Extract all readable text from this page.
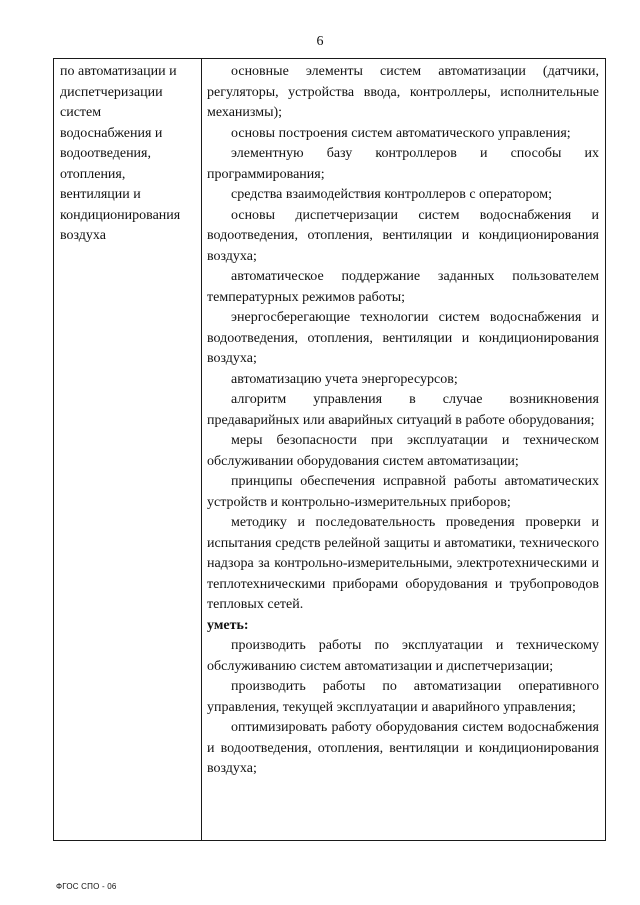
6
по автоматизации и
диспетчеризации
систем
водоснабжения и
водоотведения,
отопления,
вентиляции и
кондиционирования
воздуха

основные элементы систем автоматизации (датчики, регуляторы, устройства ввода, контроллеры, исполнительные механизмы);

основы построения систем автоматического управления;

элементную базу контроллеров и способы их программирования;

средства взаимодействия контроллеров с оператором;

основы диспетчеризации систем водоснабжения и водоотведения, отопления, вентиляции и кондиционирования воздуха;

автоматическое поддержание заданных пользователем температурных режимов работы;

энергосберегающие технологии систем водоснабжения и водоотведения, отопления, вентиляции и кондиционирования воздуха;

автоматизацию учета энергоресурсов;

алгоритм управления в случае возникновения предаварийных или аварийных ситуаций в работе оборудования;

меры безопасности при эксплуатации и техническом обслуживании оборудования систем автоматизации;

принципы обеспечения исправной работы автоматических устройств и контрольно-измерительных приборов;

методику и последовательность проведения проверки и испытания средств релейной защиты и автоматики, технического надзора за контрольно-измерительными, электротехническими и теплотехническими приборами оборудования и трубопроводов тепловых сетей.

уметь:

производить работы по эксплуатации и техническому обслуживанию систем автоматизации и диспетчеризации;

производить работы по автоматизации оперативного управления, текущей эксплуатации и аварийного управления;

оптимизировать работу оборудования систем водоснабжения и водоотведения, отопления, вентиляции и кондиционирования воздуха;

ФГОС СПО - 06
